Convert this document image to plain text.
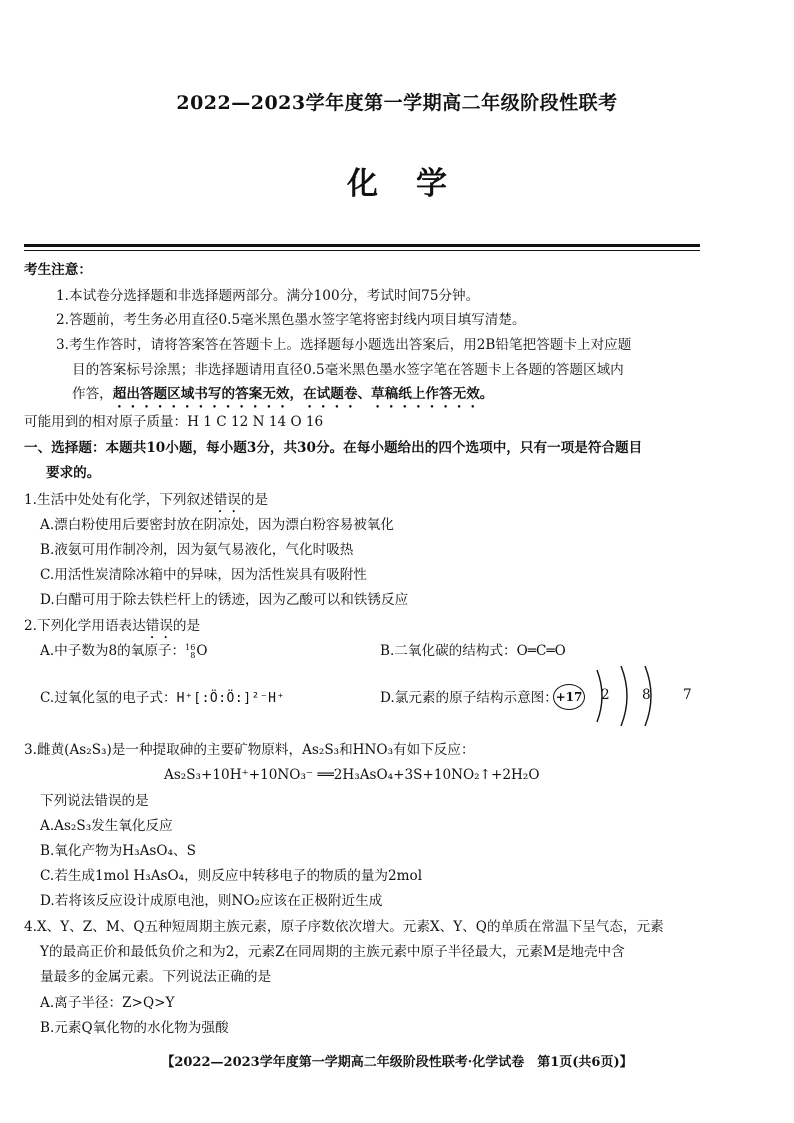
2022—2023学年度第一学期高二年级阶段性联考
化学
考生注意：
1.本试卷分选择题和非选择题两部分。满分100分，考试时间75分钟。
2.答题前，考生务必用直径0.5毫米黑色墨水签字笔将密封线内项目填写清楚。
3.考生作答时，请将答案答在答题卡上。选择题每小题选出答案后，用2B铅笔把答题卡上对应题
目的答案标号涂黑；非选择题请用直径0.5毫米黑色墨水签字笔在答题卡上各题的答题区域内
作答，超出答题区域书写的答案无效，在试题卷、草稿纸上作答无效。
可能用到的相对原子质量：H 1 C 12 N 14 O 16
一、选择题：本题共10小题，每小题3分，共30分。在每小题给出的四个选项中，只有一项是符合题目
要求的。
1.生活中处处有化学，下列叙述错误的是
A.漂白粉使用后要密封放在阴凉处，因为漂白粉容易被氧化
B.液氨可用作制冷剂，因为氨气易液化，气化时吸热
C.用活性炭清除冰箱中的异味，因为活性炭具有吸附性
D.白醋可用于除去铁栏杆上的锈迹，因为乙酸可以和铁锈反应
2.下列化学用语表达错误的是
A.中子数为8的氧原子：16
8O	B.二氧化碳的结构式：O═C═O
C.过氧化氢的电子式：H⁺[:Ö:Ö:]²⁻H⁺	D.氯元素的原子结构示意图：
+17 2 8 7
3.雌黄(As₂S₃)是一种提取砷的主要矿物原料，As₂S₃和HNO₃有如下反应：
As₂S₃+10H⁺+10NO₃⁻ ══2H₃AsO₄+3S+10NO₂↑+2H₂O
下列说法错误的是
A.As₂S₃发生氧化反应
B.氧化产物为H₃AsO₄、S
C.若生成1mol H₃AsO₄，则反应中转移电子的物质的量为2mol
D.若将该反应设计成原电池，则NO₂应该在正极附近生成
4.X、Y、Z、M、Q五种短周期主族元素，原子序数依次增大。元素X、Y、Q的单质在常温下呈气态，元素
Y的最高正价和最低负价之和为2，元素Z在同周期的主族元素中原子半径最大，元素M是地壳中含
量最多的金属元素。下列说法正确的是
A.离子半径：Z>Q>Y
B.元素Q氧化物的水化物为强酸
【2022—2023学年度第一学期高二年级阶段性联考·化学试卷　第1页(共6页)】
